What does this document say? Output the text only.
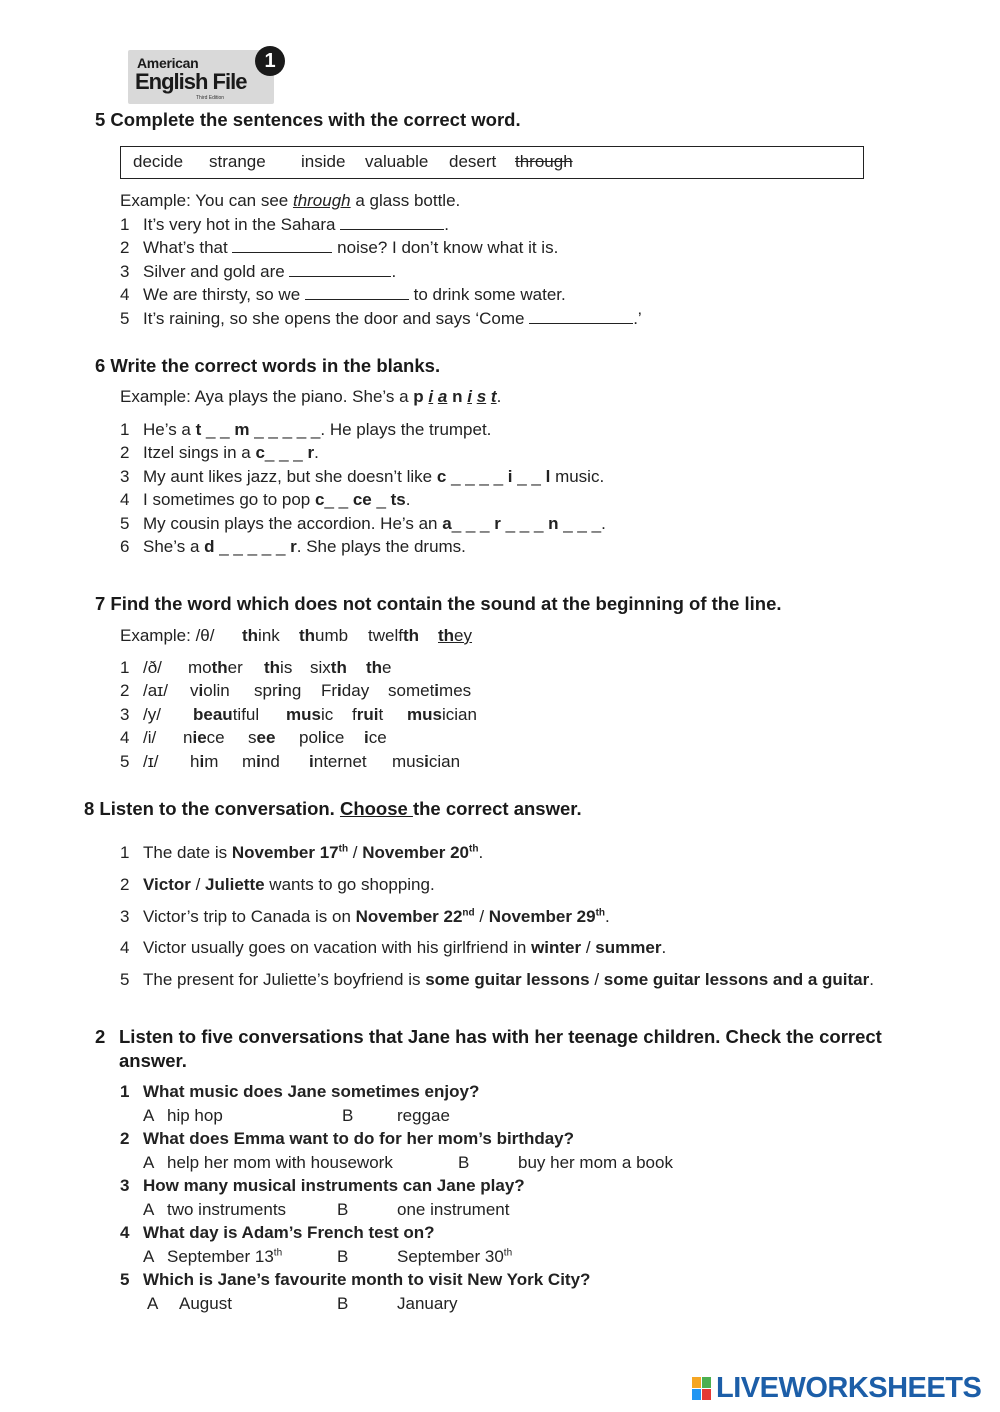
American
English File
Third Edition
1
5 Complete the sentences with the correct word.
decide strange inside valuable desert through
Example: You can see through a glass bottle.
1 It’s very hot in the Sahara	.
2 What’s that	noise? I don’t know what it is.
3 Silver and gold are	.
4 We are thirsty, so we	to drink some water.
5 It’s raining, so she opens the door and says ‘Come	.’
6 Write the correct words in the blanks.
Example: Aya plays the piano. She’s a p i a n i s t.
1 He’s a t _ _ m _ _ _ _ _. He plays the trumpet.
2 Itzel sings in a c_ _ _ r.
3 My aunt likes jazz, but she doesn’t like c _ _ _ _ i _ _ l music.
4 I sometimes go to pop c_ _ ce _ ts.
5 My cousin plays the accordion. He’s an a_ _ _ r _ _ _ n _ _ _.
6 She’s a d _ _ _ _ _ r. She plays the drums.
7 Find the word which does not contain the sound at the beginning of the line.
Example: /θ/ think thumb twelfth they
1 /ð/ mother this sixth the
2 /aɪ/ violin spring Friday sometimes
3 /y/ beautiful music fruit musician
4 /i/ niece see police ice
5 /ɪ/ him mind internet musician
8 Listen to the conversation. Choose the correct answer.
1 The date is November 17th / November 20th.
2 Victor / Juliette wants to go shopping.
3 Victor’s trip to Canada is on November 22nd / November 29th.
4 Victor usually goes on vacation with his girlfriend in winter / summer.
5 The present for Juliette’s boyfriend is some guitar lessons / some guitar lessons and a guitar.
2 Listen to five conversations that Jane has with her teenage children. Check the correct
answer.
1 What music does Jane sometimes enjoy?
A hip hop	B	reggae
2 What does Emma want to do for her mom’s birthday?
A help her mom with housework	B	buy her mom a book
3 How many musical instruments can Jane play?
A two instruments	B	one instrument
4 What day is Adam’s French test on?
A September 13th	B	September 30th
5 Which is Jane’s favourite month to visit New York City?
A August	B	January
LIVEWORKSHEETS
